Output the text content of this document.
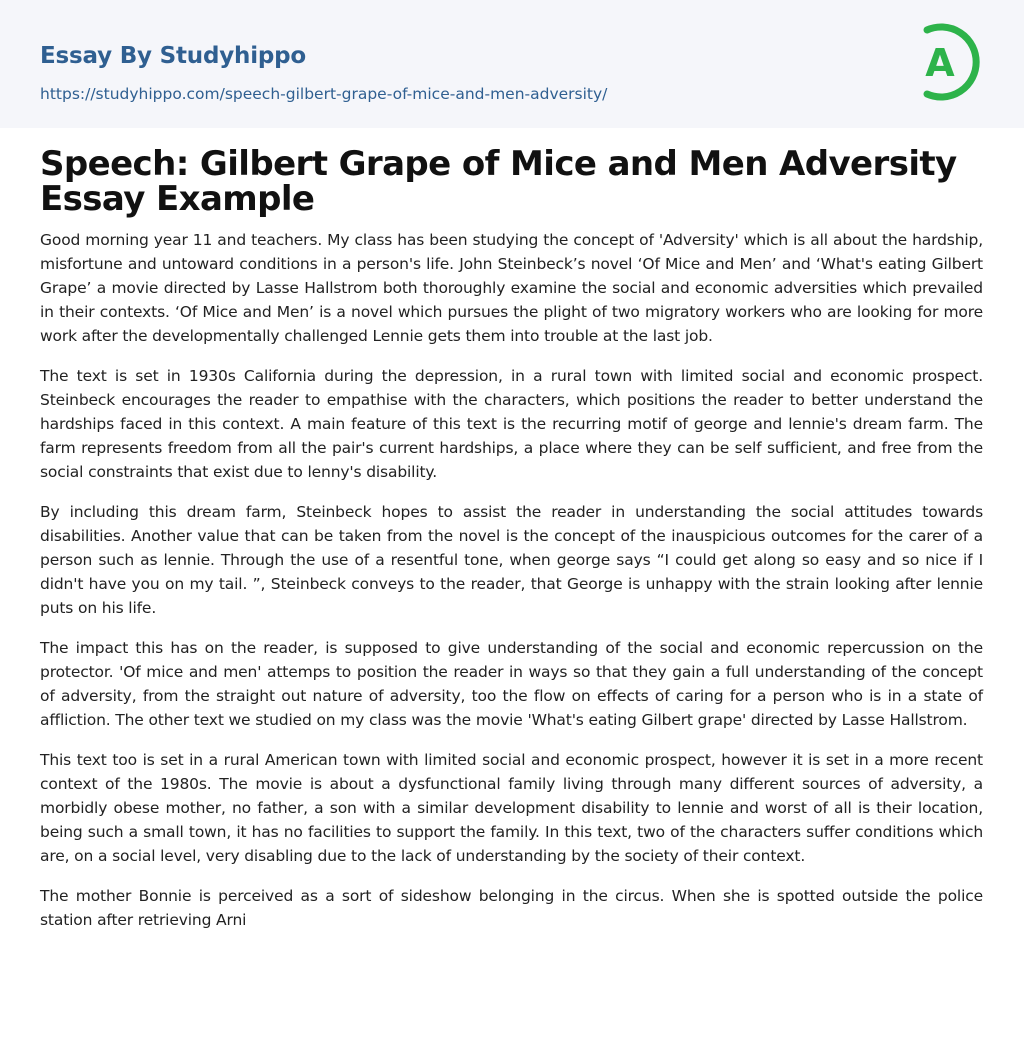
Essay By Studyhippo
https://studyhippo.com/speech-gilbert-grape-of-mice-and-men-adversity/
A
Speech: Gilbert Grape of Mice and Men Adversity Essay Example

Good morning year 11 and teachers. My class has been studying the concept of 'Adversity' which is all about the hardship, misfortune and untoward conditions in a person's life. John Steinbeck’s novel ‘Of Mice and Men’ and ‘What's eating Gilbert Grape’ a movie directed by Lasse Hallstrom both thoroughly examine the social and economic adversities which prevailed in their contexts. ‘Of Mice and Men’ is a novel which pursues the plight of two migratory workers who are looking for more work after the developmentally challenged Lennie gets them into trouble at the last job.

The text is set in 1930s California during the depression, in a rural town with limited social and economic prospect. Steinbeck encourages the reader to empathise with the characters, which positions the reader to better understand the hardships faced in this context. A main feature of this text is the recurring motif of george and lennie's dream farm. The farm represents freedom from all the pair's current hardships, a place where they can be self sufficient, and free from the social constraints that exist due to lenny's disability.

By including this dream farm, Steinbeck hopes to assist the reader in understanding the social attitudes towards disabilities. Another value that can be taken from the novel is the concept of the inauspicious outcomes for the carer of a person such as lennie. Through the use of a resentful tone, when george says “I could get along so easy and so nice if I didn't have you on my tail. ”, Steinbeck conveys to the reader, that George is unhappy with the strain looking after lennie puts on his life.

The impact this has on the reader, is supposed to give understanding of the social and economic repercussion on the protector. 'Of mice and men' attemps to position the reader in ways so that they gain a full understanding of the concept of adversity, from the straight out nature of adversity, too the flow on effects of caring for a person who is in a state of affliction. The other text we studied on my class was the movie 'What's eating Gilbert grape' directed by Lasse Hallstrom.

This text too is set in a rural American town with limited social and economic prospect, however it is set in a more recent context of the 1980s. The movie is about a dysfunctional family living through many different sources of adversity, a morbidly obese mother, no father, a son with a similar development disability to lennie and worst of all is their location, being such a small town, it has no facilities to support the family. In this text, two of the characters suffer conditions which are, on a social level, very disabling due to the lack of understanding by the society of their context.

The mother Bonnie is perceived as a sort of sideshow belonging in the circus. When she is spotted outside the police station after retrieving Arni
